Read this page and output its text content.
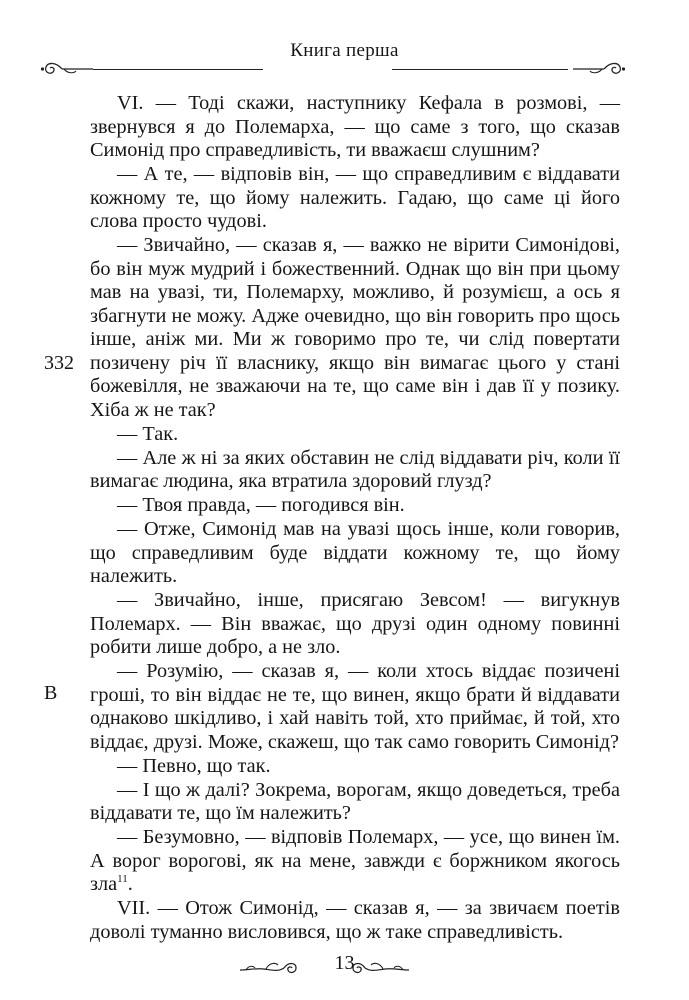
Книга перша
332
B

VI. — Тоді скажи, наступнику Кефала в розмові, — звернувся я до Полемарха, — що саме з того, що сказав Симонід про справедливість, ти вважаєш слушним?

— А те, — відповів він, — що справедливим є віддавати кожному те, що йому належить. Гадаю, що саме ці його слова просто чудові.

— Звичайно, — сказав я, — важко не вірити Симонідові, бо він муж мудрий і божественний. Однак що він при цьому мав на увазі, ти, Полемарху, можливо, й розумієш, а ось я збагнути не можу. Адже очевидно, що він говорить про щось інше, аніж ми. Ми ж говоримо про те, чи слід повертати позичену річ її власнику, якщо він вимагає цього у стані божевілля, не зважаючи на те, що саме він і дав її у позику. Хіба ж не так?

— Так.

— Але ж ні за яких обставин не слід віддавати річ, коли її вимагає людина, яка втратила здоровий глузд?

— Твоя правда, — погодився він.

— Отже, Симонід мав на увазі щось інше, коли говорив, що справедливим буде віддати кожному те, що йому належить.

— Звичайно, інше, присягаю Зевсом! — вигукнув Полемарх. — Він вважає, що друзі один одному повинні робити лише добро, а не зло.

— Розумію, — сказав я, — коли хтось віддає позичені гроші, то він віддає не те, що винен, якщо брати й віддавати однаково шкідливо, і хай навіть той, хто приймає, й той, хто віддає, друзі. Може, скажеш, що так само говорить Симонід?

— Певно, що так.

— І що ж далі? Зокрема, ворогам, якщо доведеться, треба віддавати те, що їм належить?

— Безумовно, — відповів Полемарх, — усе, що винен їм. А ворог ворогові, як на мене, завжди є боржником якогось зла$^{11}$.

VII. — Отож Симонід, — сказав я, — за звичаєм поетів доволі туманно висловився, що ж таке справедливість.

13
